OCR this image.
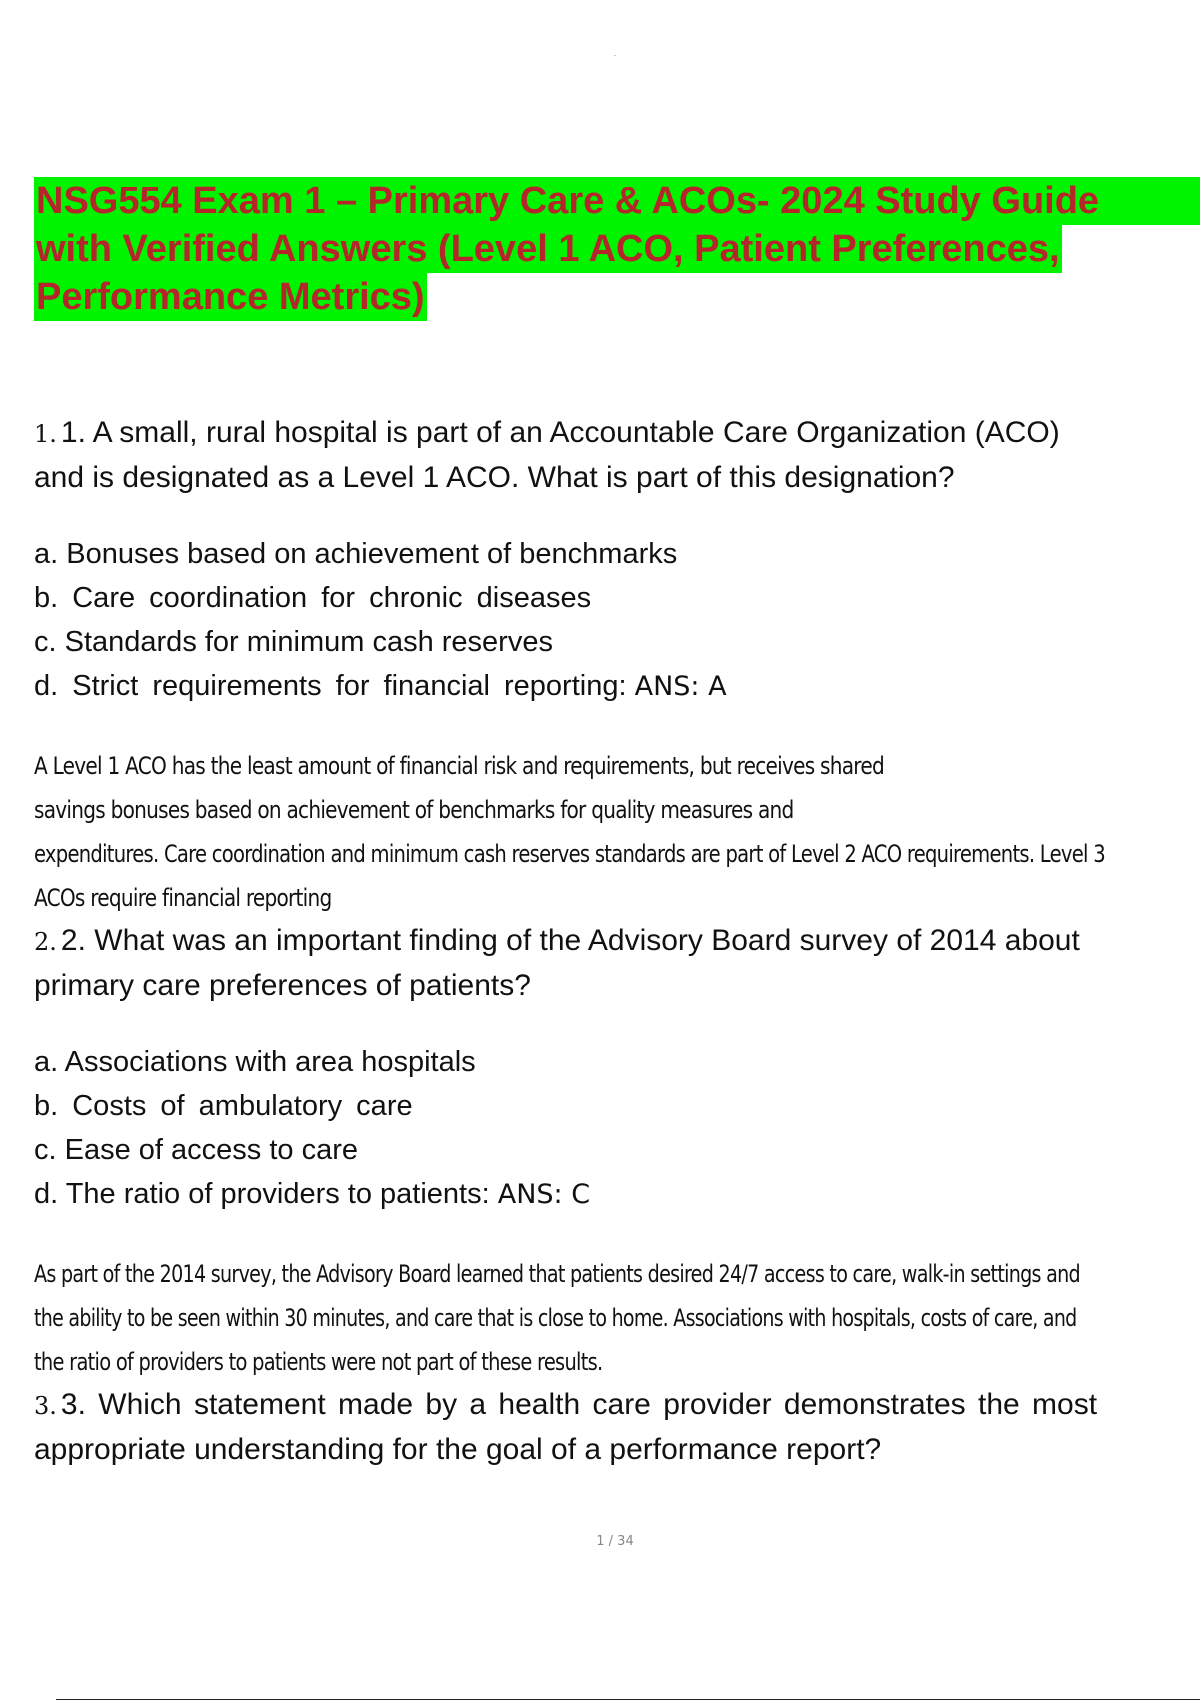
NSG554 Exam 1 – Primary Care & ACOs- 2024 Study Guide
with Verified Answers (Level 1 ACO, Patient Preferences,
Performance Metrics)

1. 1. A small, rural hospital is part of an Accountable Care Organization (ACO)

and is designated as a Level 1 ACO. What is part of this designation?

a. Bonuses based on achievement of benchmarks

b. Care coordination for chronic diseases

c. Standards for minimum cash reserves

d. Strict requirements for financial reporting: ANS: A

A Level 1 ACO has the least amount of financial risk and requirements, but receives shared

savings bonuses based on achievement of benchmarks for quality measures and

expenditures. Care coordination and minimum cash reserves standards are part of Level 2 ACO requirements. Level 3

ACOs require financial reporting

2. 2. What was an important finding of the Advisory Board survey of 2014 about

primary care preferences of patients?

a. Associations with area hospitals

b. Costs of ambulatory care

c. Ease of access to care

d. The ratio of providers to patients: ANS: C

As part of the 2014 survey, the Advisory Board learned that patients desired 24/7 access to care, walk-in settings and

the ability to be seen within 30 minutes, and care that is close to home. Associations with hospitals, costs of care, and

the ratio of providers to patients were not part of these results.

3. 3. Which statement made by a health care provider demonstrates the most

appropriate understanding for the goal of a performance report?

1 / 34
